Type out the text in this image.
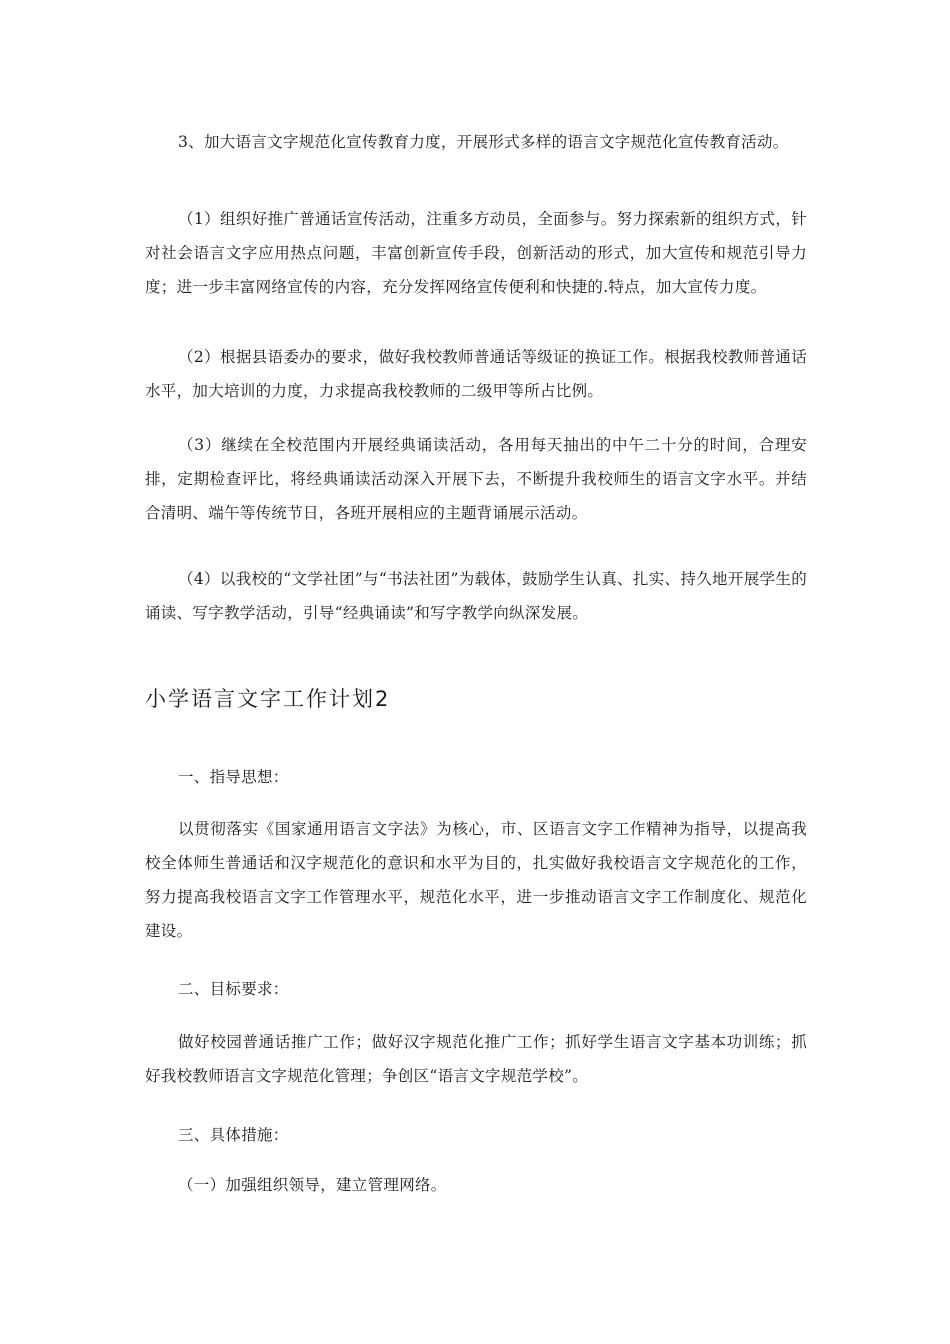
3、加大语言文字规范化宣传教育力度，开展形式多样的语言文字规范化宣传教育活动。

（1）组织好推广普通话宣传活动，注重多方动员，全面参与。努力探索新的组织方式，针对社会语言文字应用热点问题，丰富创新宣传手段，创新活动的形式，加大宣传和规范引导力度；进一步丰富网络宣传的内容，充分发挥网络宣传便利和快捷的.特点，加大宣传力度。

（2）根据县语委办的要求，做好我校教师普通话等级证的换证工作。根据我校教师普通话水平，加大培训的力度，力求提高我校教师的二级甲等所占比例。

（3）继续在全校范围内开展经典诵读活动，各用每天抽出的中午二十分的时间，合理安排，定期检查评比，将经典诵读活动深入开展下去，不断提升我校师生的语言文字水平。并结合清明、端午等传统节日，各班开展相应的主题背诵展示活动。

（4）以我校的“文学社团”与“书法社团”为载体，鼓励学生认真、扎实、持久地开展学生的诵读、写字教学活动，引导“经典诵读”和写字教学向纵深发展。

小学语言文字工作计划2

一、指导思想：

以贯彻落实《国家通用语言文字法》为核心，市、区语言文字工作精神为指导，以提高我校全体师生普通话和汉字规范化的意识和水平为目的，扎实做好我校语言文字规范化的工作，努力提高我校语言文字工作管理水平，规范化水平，进一步推动语言文字工作制度化、规范化建设。

二、目标要求：

做好校园普通话推广工作；做好汉字规范化推广工作；抓好学生语言文字基本功训练；抓好我校教师语言文字规范化管理；争创区“语言文字规范学校”。

三、具体措施：

（一）加强组织领导，建立管理网络。
